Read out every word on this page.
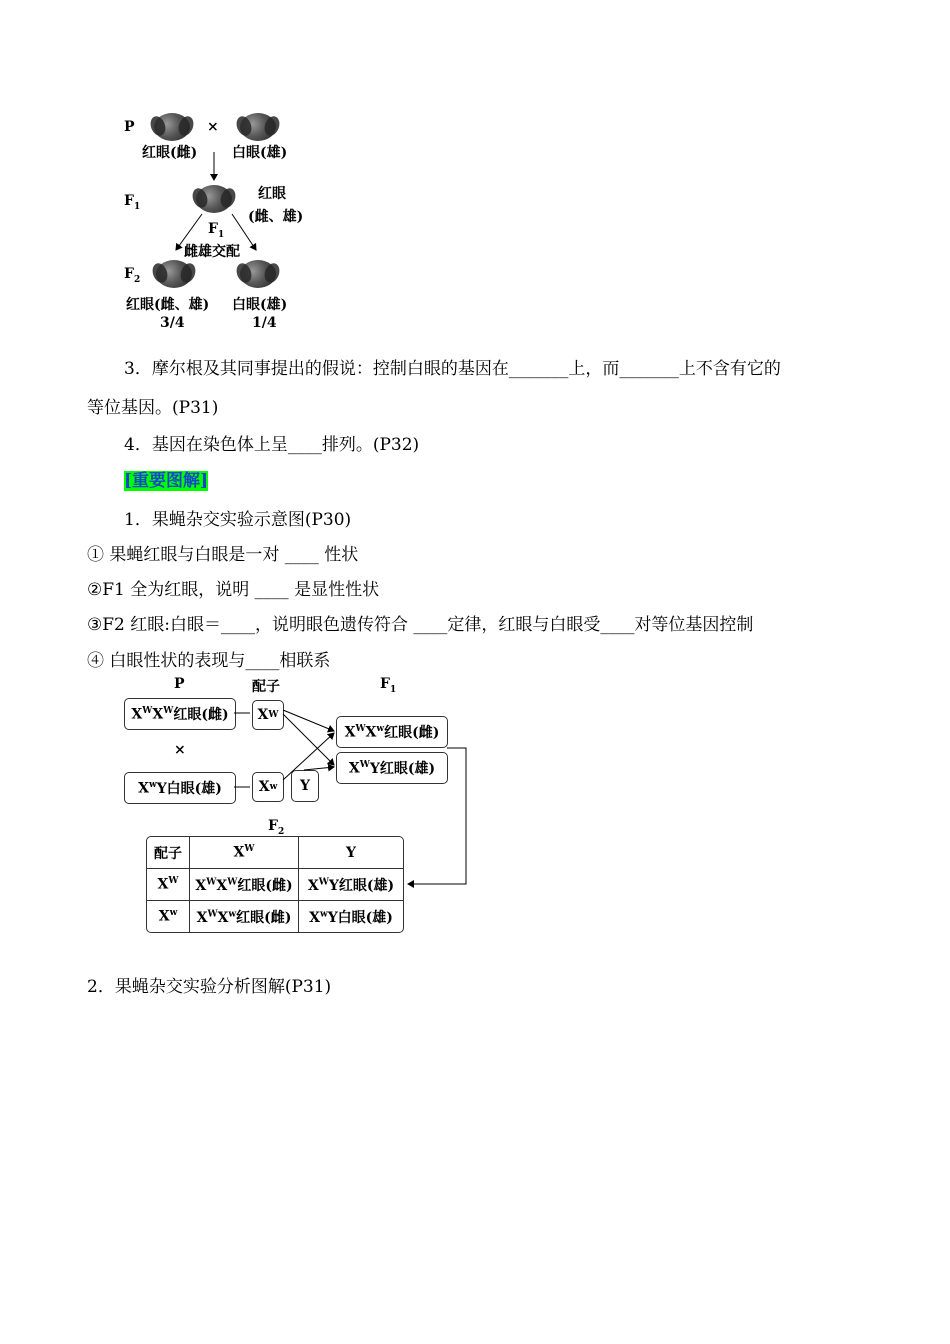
P	×
红眼(雌) 白眼(雄)
$F_1$
红眼
(雌、雄)
$F_1$
雌雄交配
$F_2$
红眼(雌、雄)
3/4
白眼(雄)
1/4
3．摩尔根及其同事提出的假说：控制白眼的基因在_______上，而_______上不含有它的
等位基因。(P31)
4．基因在染色体上呈____排列。(P32)
[重要图解]
1．果蝇杂交实验示意图(P30)
① 果蝇红眼与白眼是一对 ____ 性状
②F1 全为红眼，说明 ____ 是显性性状
③F2 红眼:白眼＝____，说明眼色遗传符合 ____定律，红眼与白眼受____对等位基因控制
④ 白眼性状的表现与____相联系
P	配子	$F_1$
$X^WX^W$ 红眼(雌) X W
×
$X^w$ Y白眼(雄)	X w	Y
$X^WX^w$ 红眼(雌)
$X^W$ Y红眼(雄)
$F_2$
配子	$X^W$	Y
$X^W$	$X^WX^W$红眼(雌)	$X^WY$红眼(雄)
$X^w$	$X^WX^w$红眼(雌)	$X^wY$白眼(雄)
2．果蝇杂交实验分析图解(P31)
